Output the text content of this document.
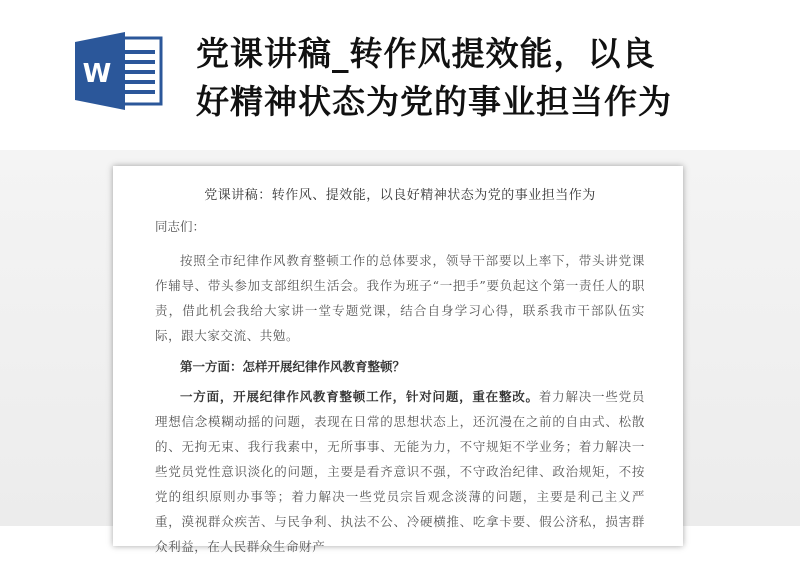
W
党课讲稿_转作风提效能，以良
好精神状态为党的事业担当作为
党课讲稿：转作风、提效能，以良好精神状态为党的事业担当作为
同志们：

按照全市纪律作风教育整顿工作的总体要求，领导干部要以上率下，带头讲党课作辅导、带头参加支部组织生活会。我作为班子“一把手”要负起这个第一责任人的职责，借此机会我给大家讲一堂专题党课，结合自身学习心得，联系我市干部队伍实际，跟大家交流、共勉。

第一方面：怎样开展纪律作风教育整顿？

一方面，开展纪律作风教育整顿工作，针对问题，重在整改。着力解决一些党员理想信念模糊动摇的问题，表现在日常的思想状态上，还沉漫在之前的自由式、松散的、无拘无束、我行我素中，无所事事、无能为力，不守规矩不学业务；着力解决一些党员党性意识淡化的问题，主要是看齐意识不强，不守政治纪律、政治规矩，不按党的组织原则办事等；着力解决一些党员宗旨观念淡薄的问题，主要是利己主义严重，漠视群众疾苦、与民争利、执法不公、冷硬横推、吃拿卡要、假公济私，损害群众利益，在人民群众生命财产
